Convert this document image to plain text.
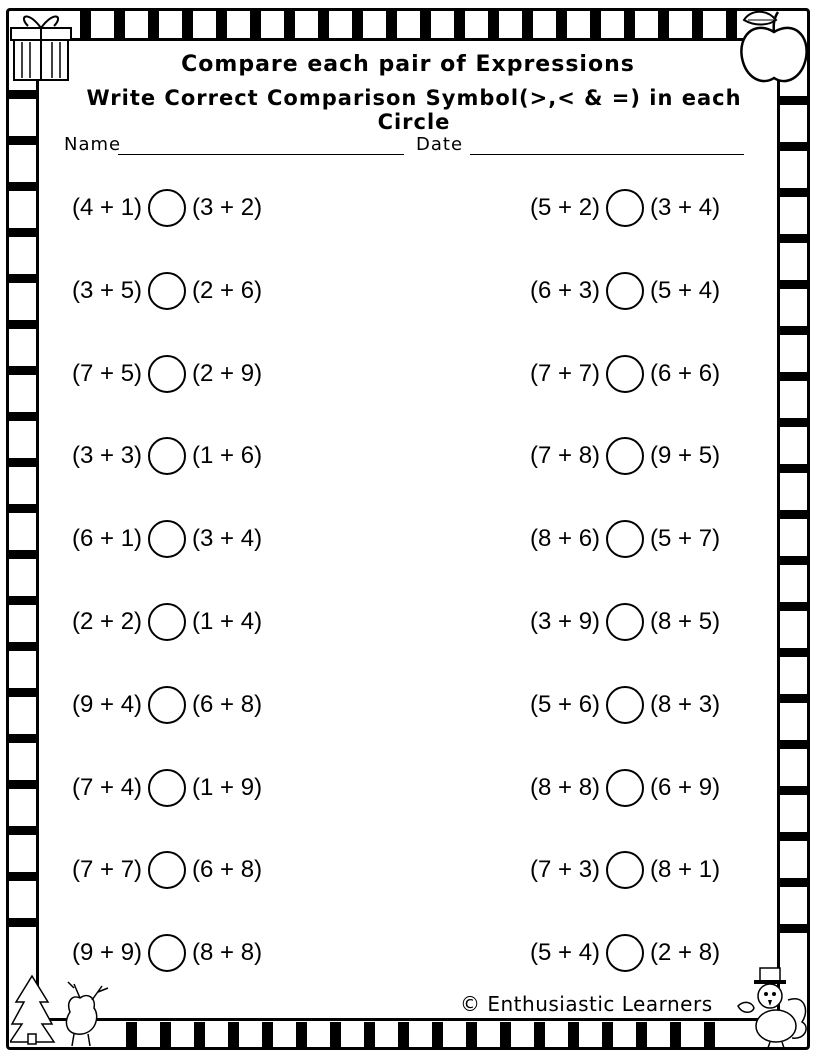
Compare each pair of Expressions
Write Correct Comparison Symbol(>,< & =) in each Circle
Name	Date
(4 + 1) (3 + 2)
(3 + 5) (2 + 6)
(7 + 5) (2 + 9)
(3 + 3) (1 + 6)
(6 + 1) (3 + 4)
(2 + 2) (1 + 4)
(9 + 4) (6 + 8)
(7 + 4) (1 + 9)
(7 + 7) (6 + 8)
(9 + 9) (8 + 8)
(5 + 2) (3 + 4)
(6 + 3) (5 + 4)
(7 + 7) (6 + 6)
(7 + 8) (9 + 5)
(8 + 6) (5 + 7)
(3 + 9) (8 + 5)
(5 + 6) (8 + 3)
(8 + 8) (6 + 9)
(7 + 3) (8 + 1)
(5 + 4) (2 + 8)
© Enthusiastic Learners
